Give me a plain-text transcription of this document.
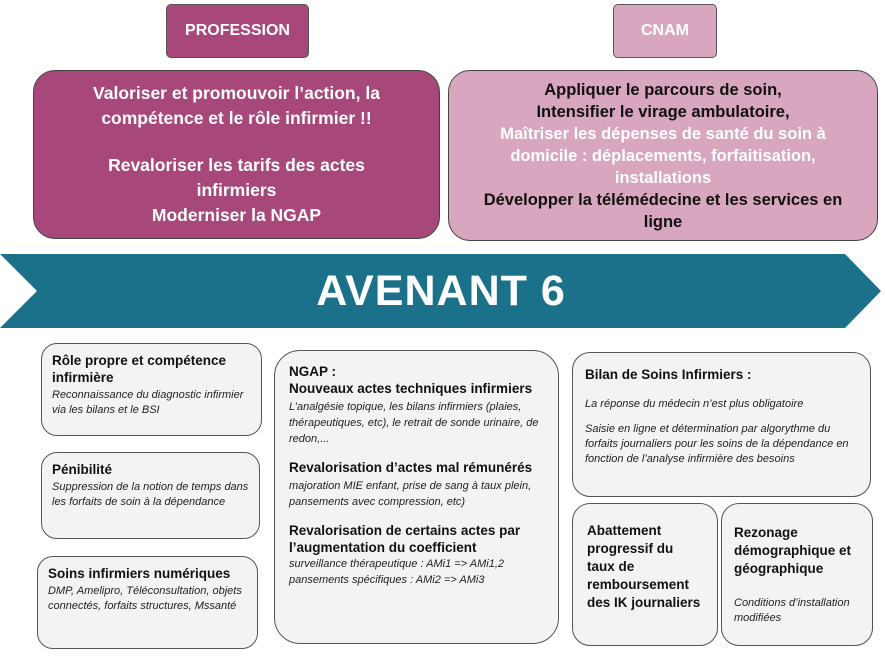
PROFESSION	CNAM

Valoriser et promouvoir l’action, la compétence et le rôle infirmier !!

Revaloriser les tarifs des actes infirmiers

Moderniser la NGAP

Appliquer le parcours de soin,

Intensifier le virage ambulatoire,

Maîtriser les dépenses de santé du soin à domicile : déplacements, forfaitisation, installations

Développer la télémédecine et les services en ligne

AVENANT 6

Rôle propre et compétence infirmière

Reconnaissance du diagnostic infirmier via les bilans et le BSI

Pénibilité

Suppression de la notion de temps dans les forfaits de soin à la dépendance

Soins infirmiers numériques

DMP, Amelipro, Téléconsultation, objets connectés, forfaits structures, Mssanté

NGAP :

Nouveaux actes techniques infirmiers

L’analgésie topique, les bilans infirmiers (plaies, thérapeutiques, etc), le retrait de sonde urinaire, de redon,...

Revalorisation d’actes mal rémunérés

majoration MIE enfant, prise de sang à taux plein, pansements avec compression, etc)

Revalorisation de certains actes par l’augmentation du coefficient

surveillance thérapeutique : AMi1 => AMi1,2

pansements spécifiques : AMi2 => AMi3

Bilan de Soins Infirmiers :

La réponse du médecin n’est plus obligatoire

Saisie en ligne et détermination par algorythme du forfaits journaliers pour les soins de la dépendance en fonction de l’analyse infirmière des besoins

Abattement progressif du taux de remboursement des IK journaliers

Rezonage démographique et géographique

Conditions d’installation modifiées
